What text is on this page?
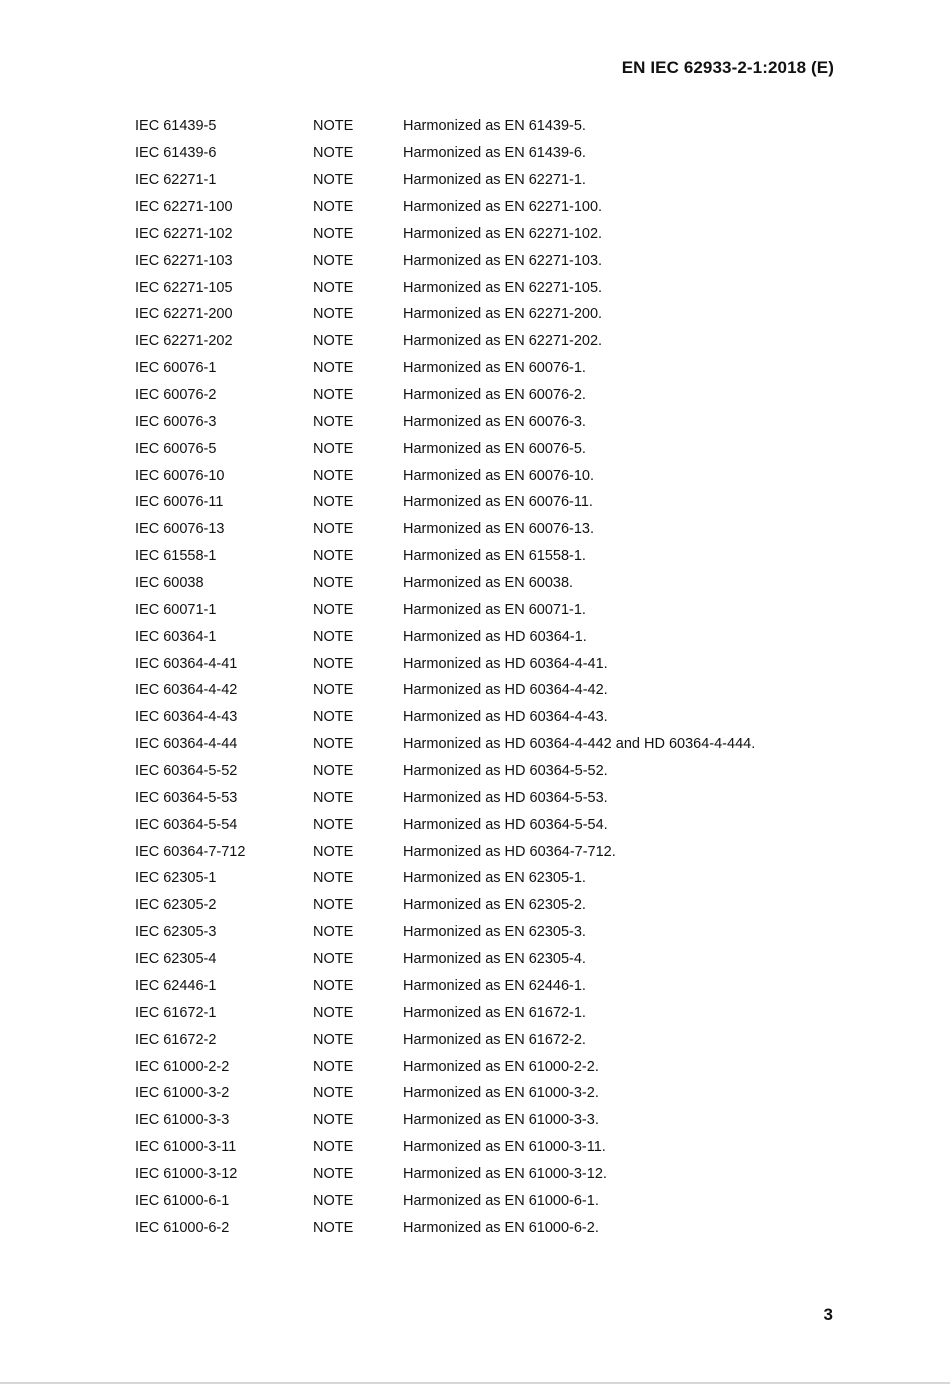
EN IEC 62933-2-1:2018 (E)
IEC 61439-5	NOTE	Harmonized as EN 61439-5.
IEC 61439-6	NOTE	Harmonized as EN 61439-6.
IEC 62271-1	NOTE	Harmonized as EN 62271-1.
IEC 62271-100	NOTE	Harmonized as EN 62271-100.
IEC 62271-102	NOTE	Harmonized as EN 62271-102.
IEC 62271-103	NOTE	Harmonized as EN 62271-103.
IEC 62271-105	NOTE	Harmonized as EN 62271-105.
IEC 62271-200	NOTE	Harmonized as EN 62271-200.
IEC 62271-202	NOTE	Harmonized as EN 62271-202.
IEC 60076-1	NOTE	Harmonized as EN 60076-1.
IEC 60076-2	NOTE	Harmonized as EN 60076-2.
IEC 60076-3	NOTE	Harmonized as EN 60076-3.
IEC 60076-5	NOTE	Harmonized as EN 60076-5.
IEC 60076-10	NOTE	Harmonized as EN 60076-10.
IEC 60076-11	NOTE	Harmonized as EN 60076-11.
IEC 60076-13	NOTE	Harmonized as EN 60076-13.
IEC 61558-1	NOTE	Harmonized as EN 61558-1.
IEC 60038	NOTE	Harmonized as EN 60038.
IEC 60071-1	NOTE	Harmonized as EN 60071-1.
IEC 60364-1	NOTE	Harmonized as HD 60364-1.
IEC 60364-4-41	NOTE	Harmonized as HD 60364-4-41.
IEC 60364-4-42	NOTE	Harmonized as HD 60364-4-42.
IEC 60364-4-43	NOTE	Harmonized as HD 60364-4-43.
IEC 60364-4-44	NOTE	Harmonized as HD 60364-4-442 and HD 60364-4-444.
IEC 60364-5-52	NOTE	Harmonized as HD 60364-5-52.
IEC 60364-5-53	NOTE	Harmonized as HD 60364-5-53.
IEC 60364-5-54	NOTE	Harmonized as HD 60364-5-54.
IEC 60364-7-712	NOTE	Harmonized as HD 60364-7-712.
IEC 62305-1	NOTE	Harmonized as EN 62305-1.
IEC 62305-2	NOTE	Harmonized as EN 62305-2.
IEC 62305-3	NOTE	Harmonized as EN 62305-3.
IEC 62305-4	NOTE	Harmonized as EN 62305-4.
IEC 62446-1	NOTE	Harmonized as EN 62446-1.
IEC 61672-1	NOTE	Harmonized as EN 61672-1.
IEC 61672-2	NOTE	Harmonized as EN 61672-2.
IEC 61000-2-2	NOTE	Harmonized as EN 61000-2-2.
IEC 61000-3-2	NOTE	Harmonized as EN 61000-3-2.
IEC 61000-3-3	NOTE	Harmonized as EN 61000-3-3.
IEC 61000-3-11	NOTE	Harmonized as EN 61000-3-11.
IEC 61000-3-12	NOTE	Harmonized as EN 61000-3-12.
IEC 61000-6-1	NOTE	Harmonized as EN 61000-6-1.
IEC 61000-6-2	NOTE	Harmonized as EN 61000-6-2.
3
